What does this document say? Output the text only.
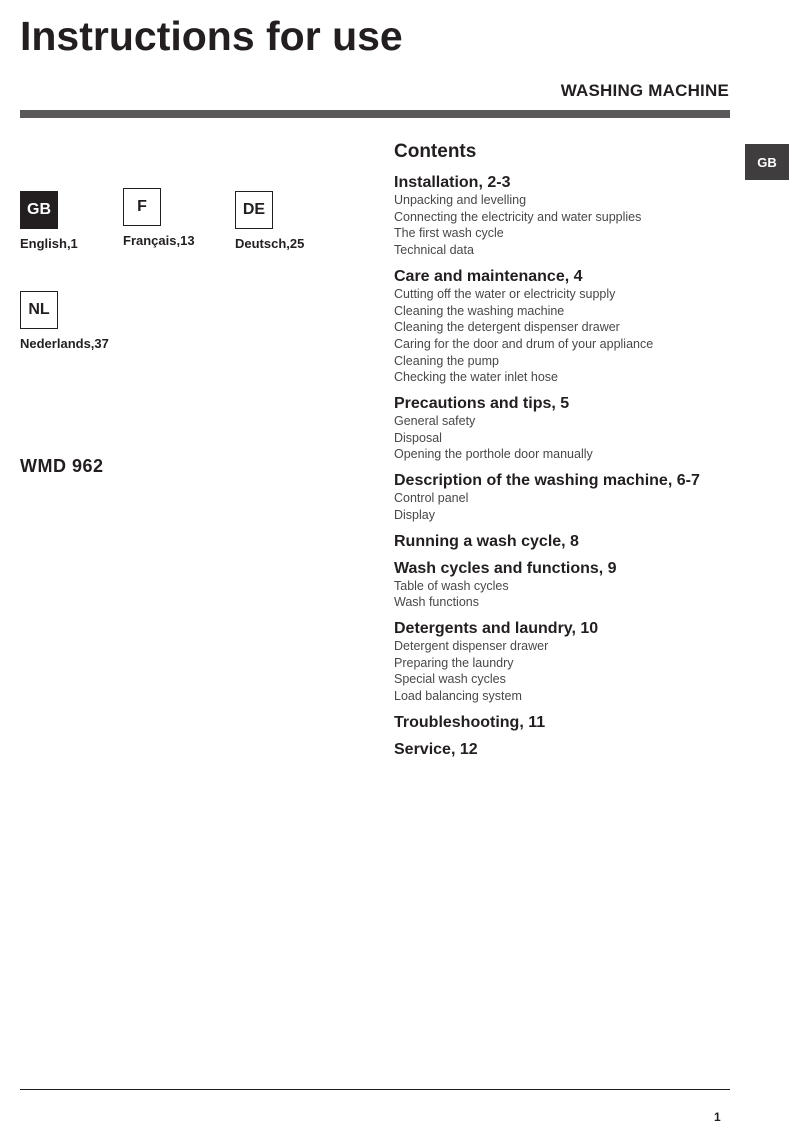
Instructions for use
WASHING MACHINE
GB
GB
English,1
F
Français,13
DE
Deutsch,25
NL
Nederlands,37
WMD 962
Contents
Installation, 2-3
Unpacking and levelling
Connecting the electricity and water supplies
The first wash cycle
Technical data
Care and maintenance, 4
Cutting off the water or electricity supply
Cleaning the washing machine
Cleaning the detergent dispenser drawer
Caring for the door and drum of your appliance
Cleaning the pump
Checking the water inlet hose
Precautions and tips, 5
General safety
Disposal
Opening the porthole door manually
Description of the washing machine, 6-7
Control panel
Display
Running a wash cycle, 8
Wash cycles and functions, 9
Table of wash cycles
Wash functions
Detergents and laundry, 10
Detergent dispenser drawer
Preparing the laundry
Special wash cycles
Load balancing system
Troubleshooting, 11
Service, 12
1
